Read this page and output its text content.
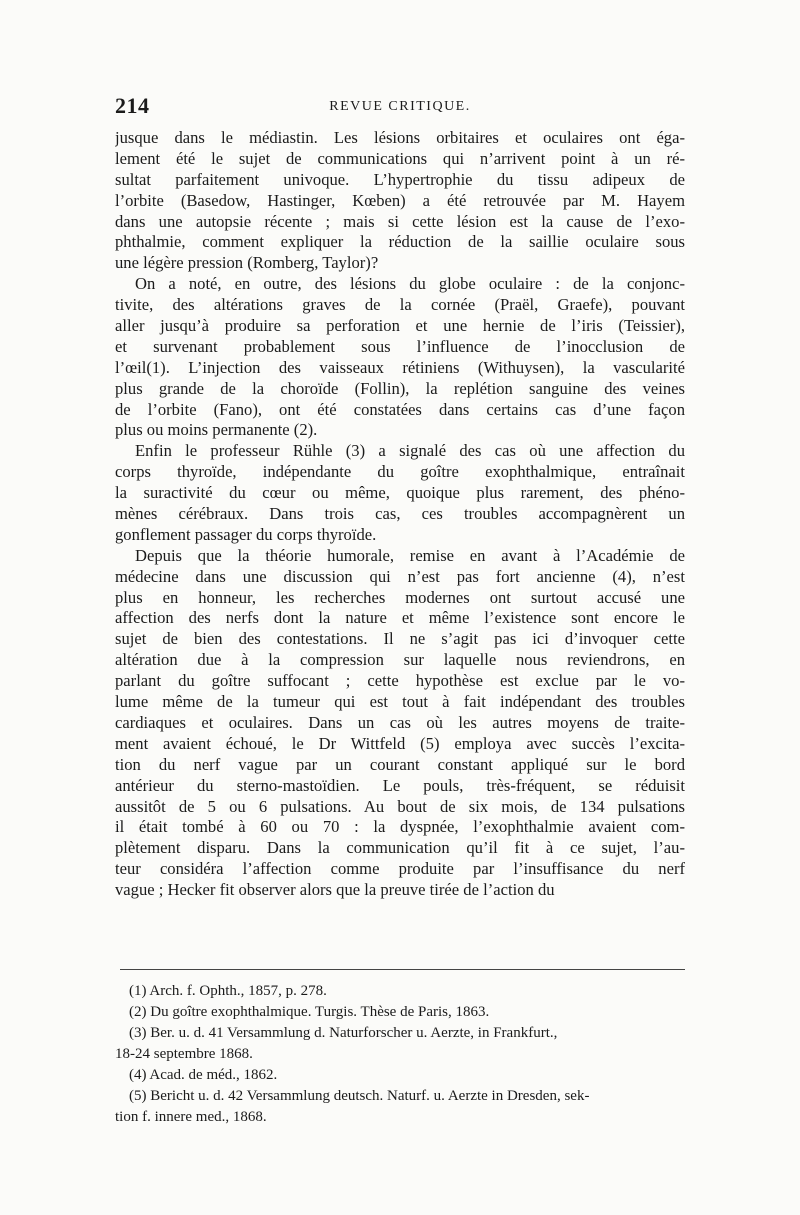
214	REVUE CRITIQUE.
jusque dans le médiastin. Les lésions orbitaires et oculaires ont éga-
lement été le sujet de communications qui n’arrivent point à un ré-
sultat parfaitement univoque. L’hypertrophie du tissu adipeux de
l’orbite (Basedow, Hastinger, Kœben) a été retrouvée par M. Hayem
dans une autopsie récente ; mais si cette lésion est la cause de l’exo-
phthalmie, comment expliquer la réduction de la saillie oculaire sous
une légère pression (Romberg, Taylor)?
On a noté, en outre, des lésions du globe oculaire : de la conjonc-
tivite, des altérations graves de la cornée (Praël, Graefe), pouvant
aller jusqu’à produire sa perforation et une hernie de l’iris (Teissier),
et survenant probablement sous l’influence de l’inocclusion de
l’œil(1). L’injection des vaisseaux rétiniens (Withuysen), la vascularité
plus grande de la choroïde (Follin), la replétion sanguine des veines
de l’orbite (Fano), ont été constatées dans certains cas d’une façon
plus ou moins permanente (2).
Enfin le professeur Rühle (3) a signalé des cas où une affection du
corps thyroïde, indépendante du goître exophthalmique, entraînait
la suractivité du cœur ou même, quoique plus rarement, des phéno-
mènes cérébraux. Dans trois cas, ces troubles accompagnèrent un
gonflement passager du corps thyroïde.
Depuis que la théorie humorale, remise en avant à l’Académie de
médecine dans une discussion qui n’est pas fort ancienne (4), n’est
plus en honneur, les recherches modernes ont surtout accusé une
affection des nerfs dont la nature et même l’existence sont encore le
sujet de bien des contestations. Il ne s’agit pas ici d’invoquer cette
altération due à la compression sur laquelle nous reviendrons, en
parlant du goître suffocant ; cette hypothèse est exclue par le vo-
lume même de la tumeur qui est tout à fait indépendant des troubles
cardiaques et oculaires. Dans un cas où les autres moyens de traite-
ment avaient échoué, le Dr Wittfeld (5) employa avec succès l’excita-
tion du nerf vague par un courant constant appliqué sur le bord
antérieur du sterno-mastoïdien. Le pouls, très-fréquent, se réduisit
aussitôt de 5 ou 6 pulsations. Au bout de six mois, de 134 pulsations
il était tombé à 60 ou 70 : la dyspnée, l’exophthalmie avaient com-
plètement disparu. Dans la communication qu’il fit à ce sujet, l’au-
teur considéra l’affection comme produite par l’insuffisance du nerf
vague ; Hecker fit observer alors que la preuve tirée de l’action du
(1) Arch. f. Ophth., 1857, p. 278.
(2) Du goître exophthalmique. Turgis. Thèse de Paris, 1863.
(3) Ber. u. d. 41 Versammlung d. Naturforscher u. Aerzte, in Frankfurt.,
18-24 septembre 1868.
(4) Acad. de méd., 1862.
(5) Bericht u. d. 42 Versammlung deutsch. Naturf. u. Aerzte in Dresden, sek-
tion f. innere med., 1868.
